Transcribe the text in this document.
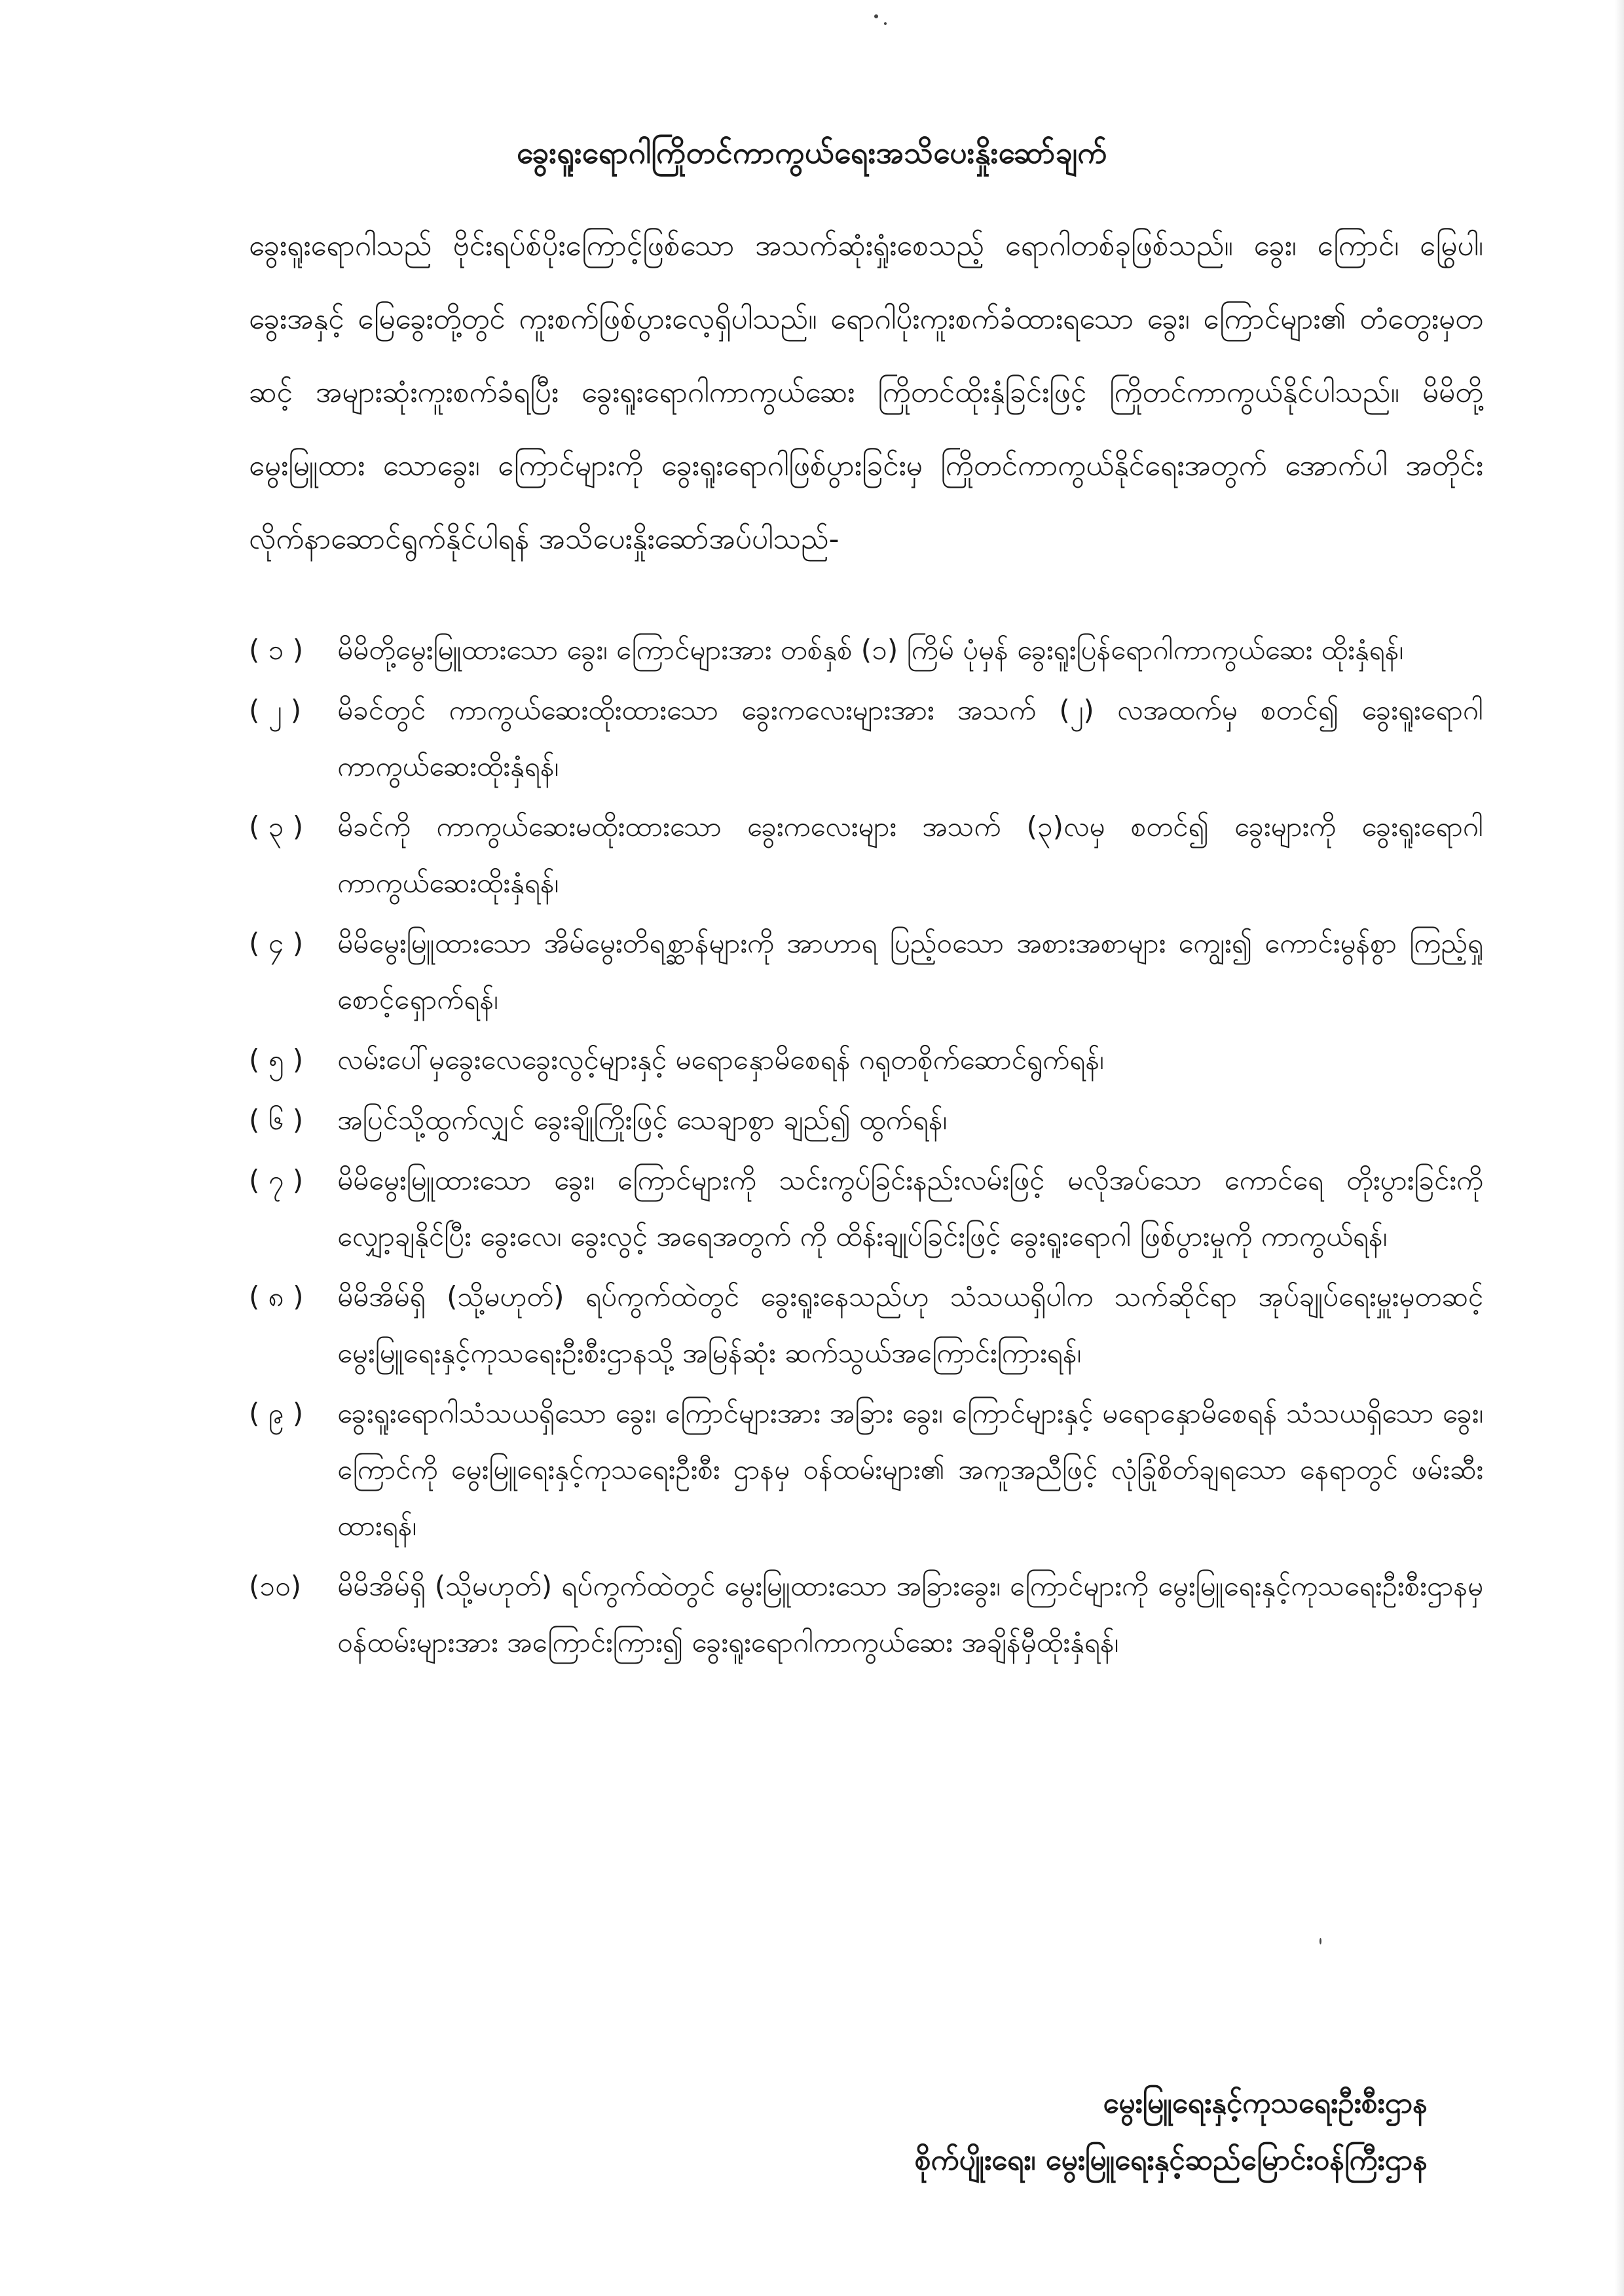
ခွေးရူးရောဂါကြိုတင်ကာကွယ်ရေးအသိပေးနှိုးဆော်ချက်
ခွေးရူးရောဂါသည် ဗိုင်းရပ်စ်ပိုးကြောင့်ဖြစ်သော အသက်ဆုံးရှုံးစေသည့် ရောဂါတစ်ခုဖြစ်သည်။ ခွေး၊ ကြောင်၊ မြွေပါ၊ ခွေးအနှင့် မြေခွေးတို့တွင် ကူးစက်ဖြစ်ပွားလေ့ရှိပါသည်။ ရောဂါပိုးကူးစက်ခံထားရသော ခွေး၊ ကြောင်များ၏ တံတွေးမှတဆင့် အများဆုံးကူးစက်ခံရပြီး ခွေးရူးရောဂါကာကွယ်ဆေး ကြိုတင်ထိုးနှံခြင်းဖြင့် ကြိုတင်ကာကွယ်နိုင်ပါသည်။ မိမိတို့မွေးမြူထား သောခွေး၊ ကြောင်များကို ခွေးရူးရောဂါဖြစ်ပွားခြင်းမှ ကြိုတင်ကာကွယ်နိုင်ရေးအတွက် အောက်ပါ အတိုင်းလိုက်နာဆောင်ရွက်နိုင်ပါရန် အသိပေးနှိုးဆော်အပ်ပါသည်-
( ၁ )	မိမိတို့မွေးမြူထားသော ခွေး၊ ကြောင်များအား တစ်နှစ် (၁) ကြိမ် ပုံမှန် ခွေးရူးပြန်ရောဂါကာကွယ်ဆေး ထိုးနှံရန်၊
( ၂ )	မိခင်တွင် ကာကွယ်ဆေးထိုးထားသော ခွေးကလေးများအား အသက် (၂) လအထက်မှ စတင်၍ ခွေးရူးရောဂါကာကွယ်ဆေးထိုးနှံရန်၊
( ၃ )	မိခင်ကို ကာကွယ်ဆေးမထိုးထားသော ခွေးကလေးများ အသက် (၃)လမှ စတင်၍ ခွေးများကို ခွေးရူးရောဂါကာကွယ်ဆေးထိုးနှံရန်၊
( ၄ )	မိမိမွေးမြူထားသော အိမ်မွေးတိရစ္ဆာန်များကို အာဟာရ ပြည့်ဝသော အစားအစာများ ကျွေး၍ ကောင်းမွန်စွာ ကြည့်ရှုစောင့်ရှောက်ရန်၊
( ၅ )	လမ်းပေါ်မှခွေးလေခွေးလွင့်များနှင့် မရောနှောမိစေရန် ဂရုတစိုက်ဆောင်ရွက်ရန်၊
( ၆ )	အပြင်သို့ထွက်လျှင် ခွေးချိုကြိုးဖြင့် သေချာစွာ ချည်၍ ထွက်ရန်၊
( ၇ )	မိမိမွေးမြူထားသော ခွေး၊ ကြောင်များကို သင်းကွပ်ခြင်းနည်းလမ်းဖြင့် မလိုအပ်သော ကောင်ရေ တိုးပွားခြင်းကို လျှော့ချနိုင်ပြီး ခွေးလေ၊ ခွေးလွင့် အရေအတွက် ကို ထိန်းချုပ်ခြင်းဖြင့် ခွေးရူးရောဂါ ဖြစ်ပွားမှုကို ကာကွယ်ရန်၊
( ၈ )	မိမိအိမ်ရှိ (သို့မဟုတ်) ရပ်ကွက်ထဲတွင် ခွေးရူးနေသည်ဟု သံသယရှိပါက သက်ဆိုင်ရာ အုပ်ချုပ်ရေးမှူးမှတဆင့် မွေးမြူရေးနှင့်ကုသရေးဦးစီးဌာနသို့ အမြန်ဆုံး ဆက်သွယ်အကြောင်းကြားရန်၊
( ၉ )	ခွေးရူးရောဂါသံသယရှိသော ခွေး၊ ကြောင်များအား အခြား ခွေး၊ ကြောင်များနှင့် မရောနှောမိစေရန် သံသယရှိသော ခွေး၊ ကြောင်ကို မွေးမြူရေးနှင့်ကုသရေးဦးစီး ဌာနမှ ဝန်ထမ်းများ၏ အကူအညီဖြင့် လုံခြုံစိတ်ချရသော နေရာတွင် ဖမ်းဆီး ထားရန်၊
(၁၀)	မိမိအိမ်ရှိ (သို့မဟုတ်) ရပ်ကွက်ထဲတွင် မွေးမြူထားသော အခြားခွေး၊ ကြောင်များကို မွေးမြူရေးနှင့်ကုသရေးဦးစီးဌာနမှ ဝန်ထမ်းများအား အကြောင်းကြား၍ ခွေးရူးရောဂါကာကွယ်ဆေး အချိန်မှီထိုးနှံရန်၊
မွေးမြူရေးနှင့်ကုသရေးဦးစီးဌာန
စိုက်ပျိုးရေး၊ မွေးမြူရေးနှင့်ဆည်မြောင်းဝန်ကြီးဌာန
